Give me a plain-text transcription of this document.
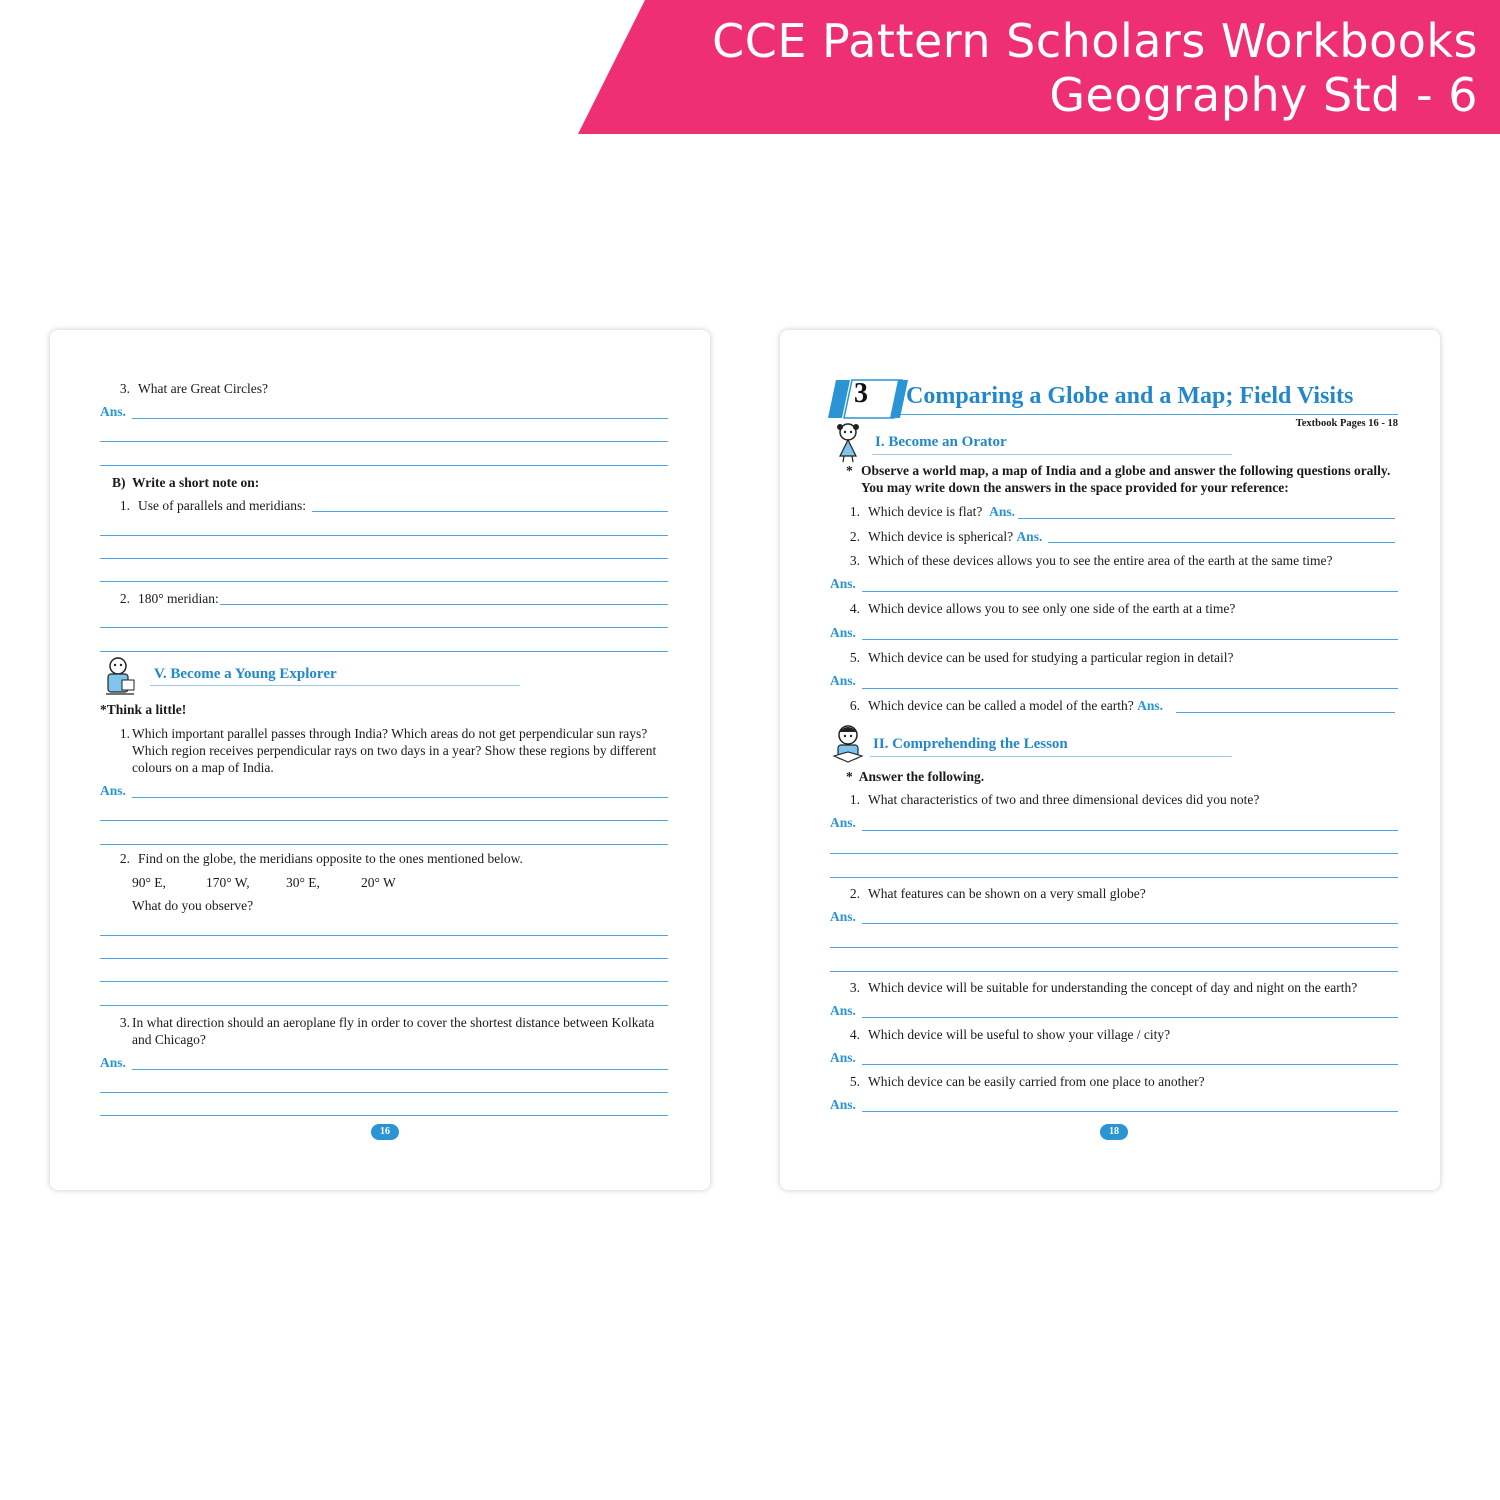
CCE Pattern Scholars Workbooks
Geography Std - 6
3. What are Great Circles?
Ans.
B) Write a short note on:
1. Use of parallels and meridians:
2. 180° meridian:
V. Become a Young Explorer
*Think a little!
1. Which important parallel passes through India? Which areas do not get perpendicular sun rays? Which region receives perpendicular rays on two days in a year? Show these regions by different colours on a map of India.
Ans.
2. Find on the globe, the meridians opposite to the ones mentioned below.
90° E,	170° W,	30° E,	20° W
What do you observe?
3. In what direction should an aeroplane fly in order to cover the shortest distance between Kolkata and Chicago?
Ans.
16
3 Comparing a Globe and a Map; Field Visits
Textbook Pages 16 - 18
I. Become an Orator
* Observe a world map, a map of India and a globe and answer the following questions orally. You may write down the answers in the space provided for your reference:
1. Which device is flat? Ans.
2. Which device is spherical? Ans.
3. Which of these devices allows you to see the entire area of the earth at the same time?
Ans.
4. Which device allows you to see only one side of the earth at a time?
Ans.
5. Which device can be used for studying a particular region in detail?
Ans.
6. Which device can be called a model of the earth? Ans.
II. Comprehending the Lesson
* Answer the following.
1. What characteristics of two and three dimensional devices did you note?
Ans.
2. What features can be shown on a very small globe?
Ans.
3. Which device will be suitable for understanding the concept of day and night on the earth?
Ans.
4. Which device will be useful to show your village / city?
Ans.
5. Which device can be easily carried from one place to another?
Ans.
18
